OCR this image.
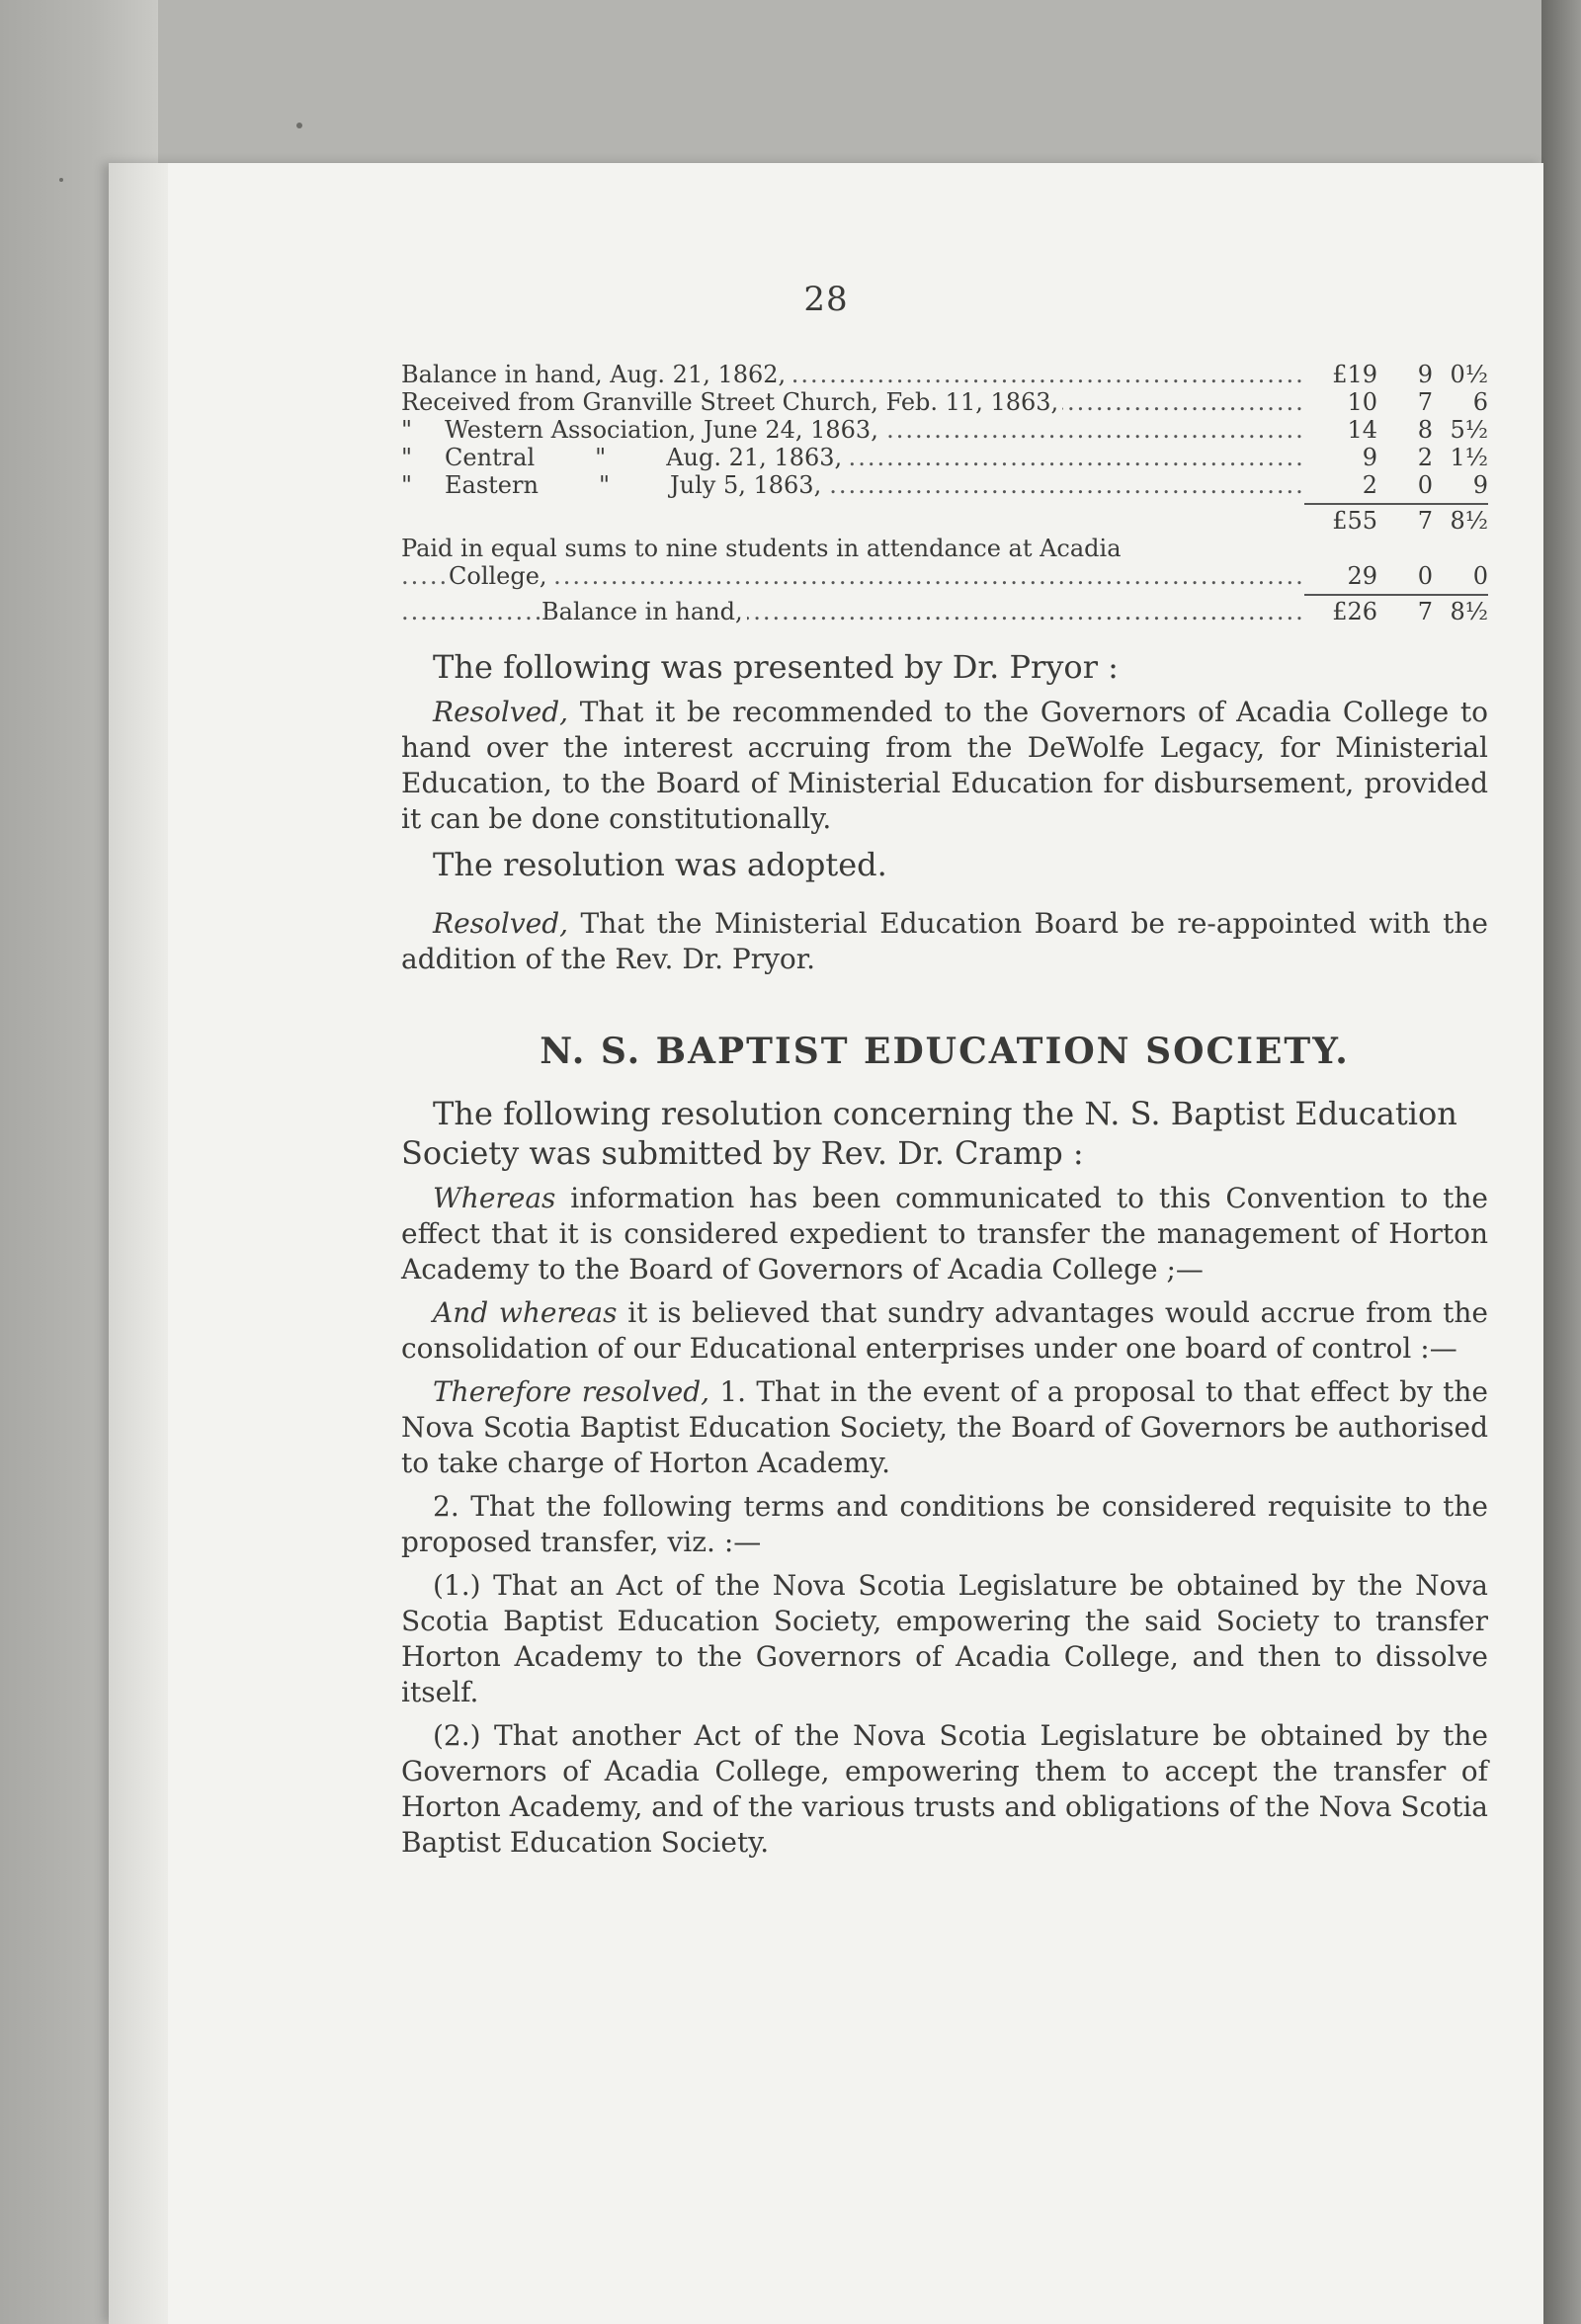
28
Balance in hand, Aug. 21, 1862, .....	£19	9 0½
Received from Granville Street Church, Feb. 11, 1863, .....	10	7	6
" Western Association, June 24, 1863, .....	14	8 5½
" Central        "        Aug. 21, 1863, .....	9	2 1½
" Eastern        "        July 5, 1863, .....	2	0	9
£55	7 8½
Paid in equal sums to nine students in attendance at Acadia
College, .....	29	0	0
Balance in hand, .....	£26	7 8½

The following was presented by Dr. Pryor :

Resolved, That it be recommended to the Governors of Acadia College to hand over the interest accruing from the DeWolfe Legacy, for Ministerial Education, to the Board of Ministerial Education for disbursement, provided it can be done constitutionally.

The resolution was adopted.

Resolved, That the Ministerial Education Board be re-appointed with the addition of the Rev. Dr. Pryor.

N. S. BAPTIST EDUCATION SOCIETY.

The following resolution concerning the N. S. Baptist Education Society was submitted by Rev. Dr. Cramp :

Whereas information has been communicated to this Convention to the effect that it is considered expedient to transfer the management of Horton Academy to the Board of Governors of Acadia College ;—

And whereas it is believed that sundry advantages would accrue from the consolidation of our Educational enterprises under one board of control :—

Therefore resolved, 1. That in the event of a proposal to that effect by the Nova Scotia Baptist Education Society, the Board of Governors be authorised to take charge of Horton Academy.

2. That the following terms and conditions be considered requisite to the proposed transfer, viz. :—

(1.) That an Act of the Nova Scotia Legislature be obtained by the Nova Scotia Baptist Education Society, empowering the said Society to transfer Horton Academy to the Governors of Acadia College, and then to dissolve itself.

(2.) That another Act of the Nova Scotia Legislature be obtained by the Governors of Acadia College, empowering them to accept the transfer of Horton Academy, and of the various trusts and obligations of the Nova Scotia Baptist Education Society.
